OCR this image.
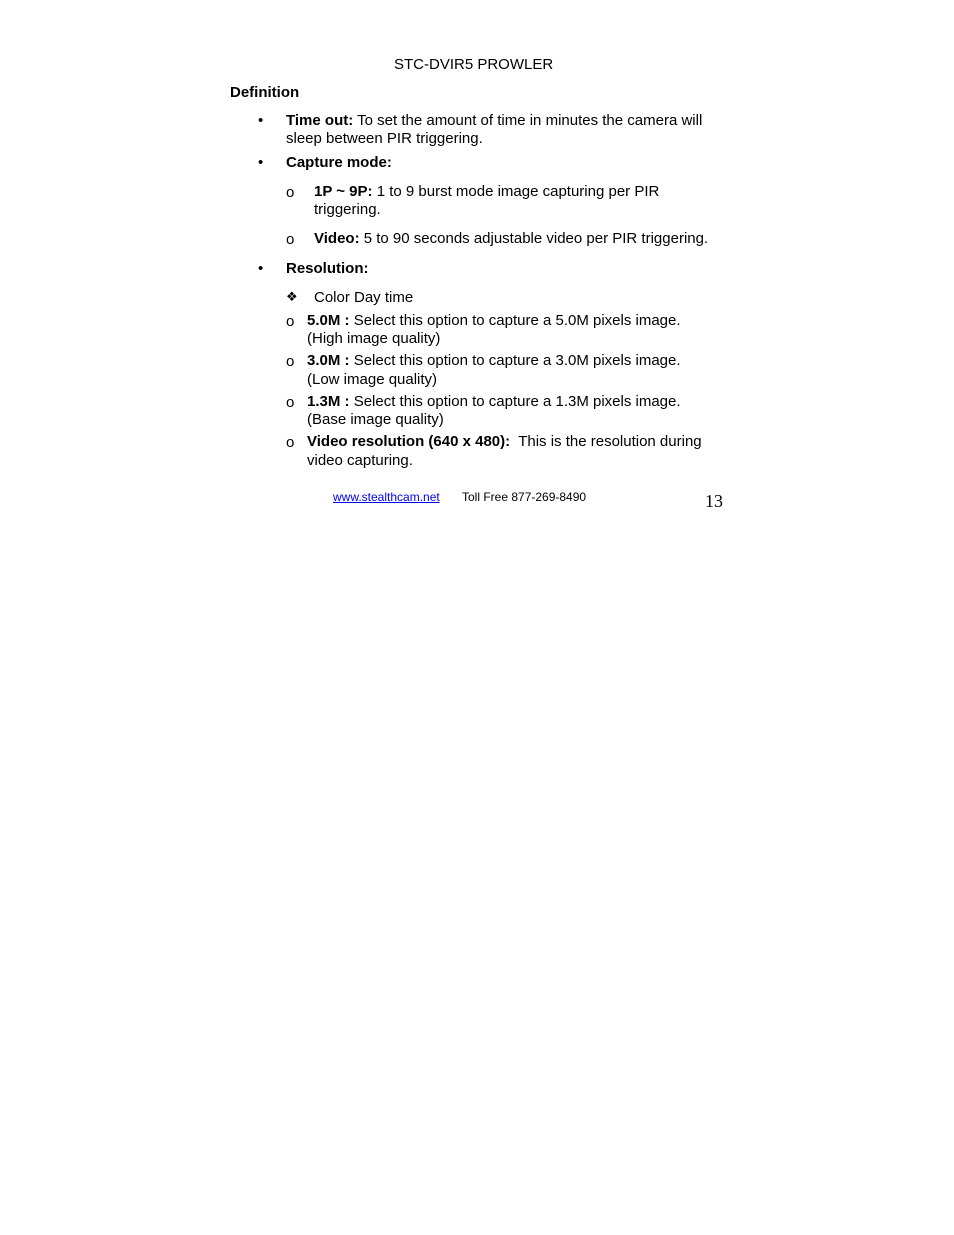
STC-DVIR5 PROWLER
Definition
• Time out: To set the amount of time in minutes the camera will
sleep between PIR triggering.
• Capture mode:
o 1P ~ 9P: 1 to 9 burst mode image capturing per PIR
triggering.
o Video: 5 to 90 seconds adjustable video per PIR triggering.
• Resolution:
❖ Color Day time
o 5.0M : Select this option to capture a 5.0M pixels image.
(High image quality)
o 3.0M : Select this option to capture a 3.0M pixels image.
(Low image quality)
o 1.3M : Select this option to capture a 1.3M pixels image.
(Base image quality)
o Video resolution (640 x 480): This is the resolution during
video capturing.
www.stealthcam.net Toll Free 877-269-8490	13
